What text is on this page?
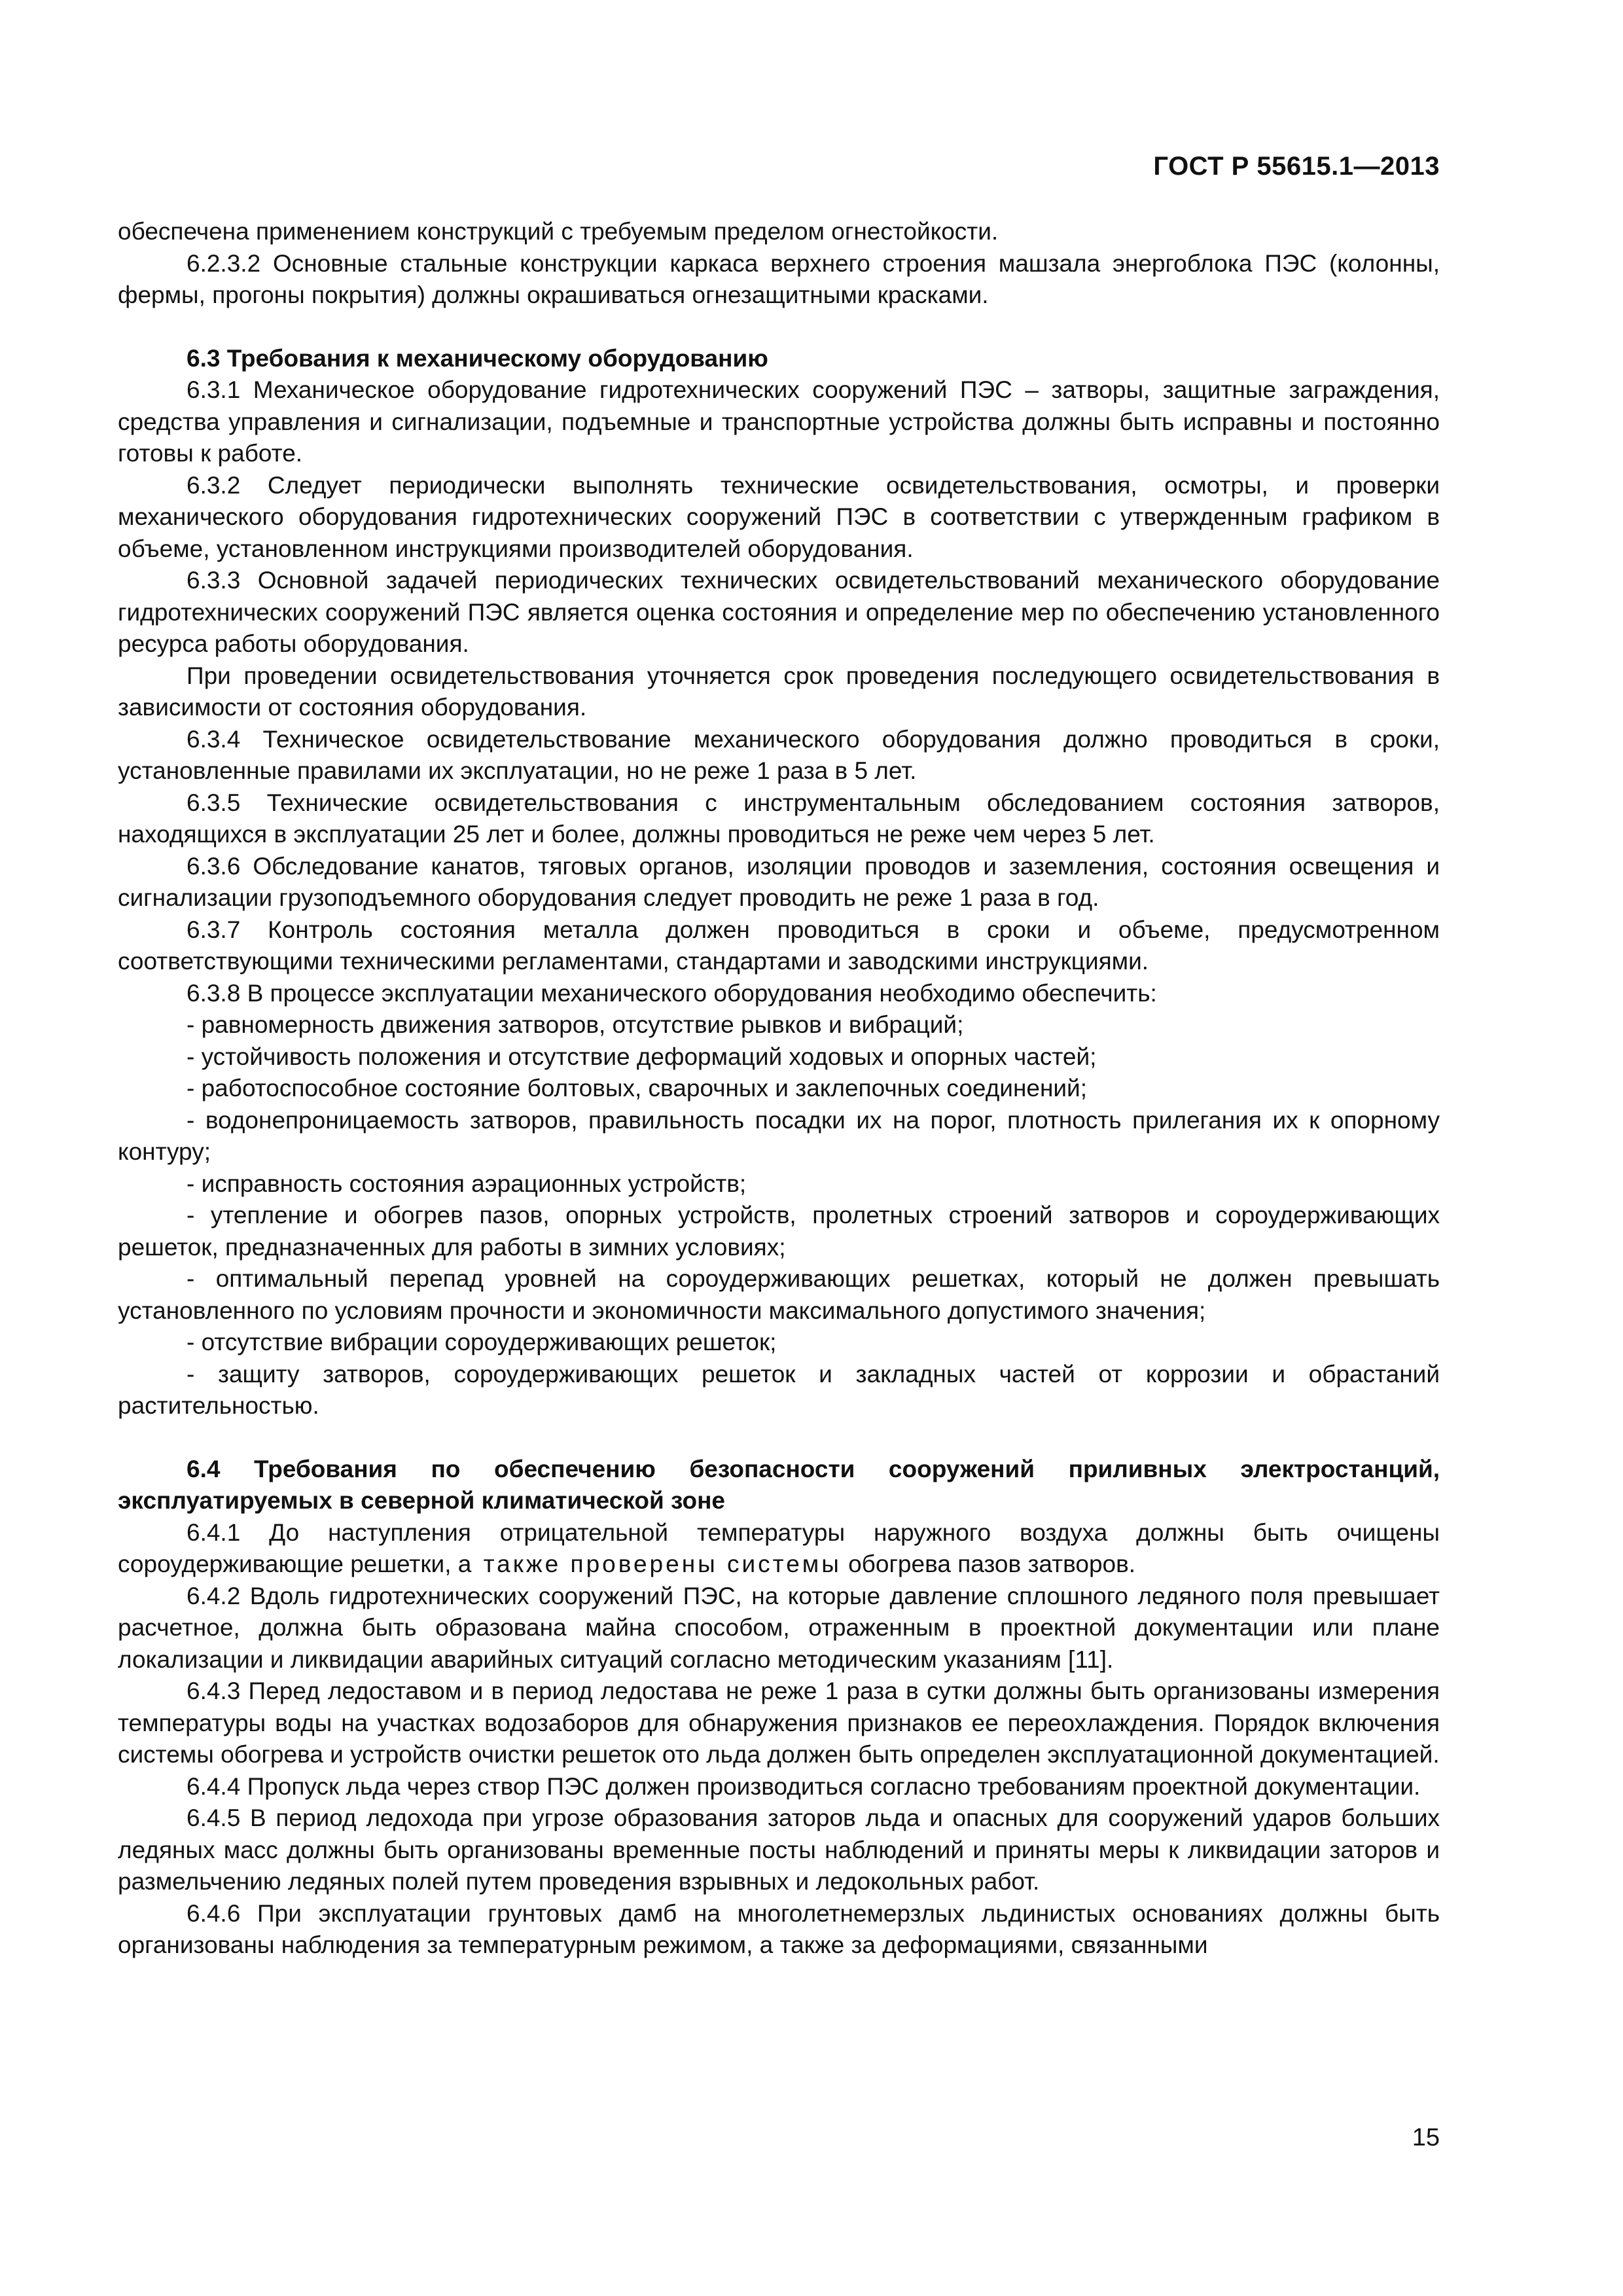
ГОСТ Р 55615.1—2013

обеспечена применением конструкций с требуемым пределом огнестойкости.

6.2.3.2 Основные стальные конструкции каркаса верхнего строения машзала энергоблока ПЭС (колонны, фермы, прогоны покрытия) должны окрашиваться огнезащитными красками.

6.3 Требования к механическому оборудованию

6.3.1 Механическое оборудование гидротехнических сооружений ПЭС – затворы, защитные заграждения, средства управления и сигнализации, подъемные и транспортные устройства должны быть исправны и постоянно готовы к работе.

6.3.2 Следует периодически выполнять технические освидетельствования, осмотры, и проверки механического оборудования гидротехнических сооружений ПЭС в соответствии с утвержденным графиком в объеме, установленном инструкциями производителей оборудования.

6.3.3 Основной задачей периодических технических освидетельствований механического оборудование гидротехнических сооружений ПЭС является оценка состояния и определение мер по обеспечению установленного ресурса работы оборудования.

При проведении освидетельствования уточняется срок проведения последующего освидетельствования в зависимости от состояния оборудования.

6.3.4 Техническое освидетельствование механического оборудования должно проводиться в сроки, установленные правилами их эксплуатации, но не реже 1 раза в 5 лет.

6.3.5 Технические освидетельствования с инструментальным обследованием состояния затворов, находящихся в эксплуатации 25 лет и более, должны проводиться не реже чем через 5 лет.

6.3.6 Обследование канатов, тяговых органов, изоляции проводов и заземления, состояния освещения и сигнализации грузоподъемного оборудования следует проводить не реже 1 раза в год.

6.3.7 Контроль состояния металла должен проводиться в сроки и объеме, предусмотренном соответствующими техническими регламентами, стандартами и заводскими инструкциями.

6.3.8 В процессе эксплуатации механического оборудования необходимо обеспечить:

- равномерность движения затворов, отсутствие рывков и вибраций;

- устойчивость положения и отсутствие деформаций ходовых и опорных частей;

- работоспособное состояние болтовых, сварочных и заклепочных соединений;

- водонепроницаемость затворов, правильность посадки их на порог, плотность прилегания их к опорному контуру;

- исправность состояния аэрационных устройств;

- утепление и обогрев пазов, опорных устройств, пролетных строений затворов и сороудерживающих решеток, предназначенных для работы в зимних условиях;

- оптимальный перепад уровней на сороудерживающих решетках, который не должен превышать установленного по условиям прочности и экономичности максимального допустимого значения;

- отсутствие вибрации сороудерживающих решеток;

- защиту затворов, сороудерживающих решеток и закладных частей от коррозии и обрастаний растительностью.

6.4 Требования по обеспечению безопасности сооружений приливных электростанций, эксплуатируемых в северной климатической зоне

6.4.1 До наступления отрицательной температуры наружного воздуха должны быть очищены сороудерживающие решетки, а также проверены системы обогрева пазов затворов.

6.4.2 Вдоль гидротехнических сооружений ПЭС, на которые давление сплошного ледяного поля превышает расчетное, должна быть образована майна способом, отраженным в проектной документации или плане локализации и ликвидации аварийных ситуаций согласно методическим указаниям [11].

6.4.3 Перед ледоставом и в период ледостава не реже 1 раза в сутки должны быть организованы измерения температуры воды на участках водозаборов для обнаружения признаков ее переохлаждения. Порядок включения системы обогрева и устройств очистки решеток ото льда должен быть определен эксплуатационной документацией.

6.4.4 Пропуск льда через створ ПЭС должен производиться согласно требованиям проектной документации.

6.4.5 В период ледохода при угрозе образования заторов льда и опасных для сооружений ударов больших ледяных масс должны быть организованы временные посты наблюдений и приняты меры к ликвидации заторов и размельчению ледяных полей путем проведения взрывных и ледокольных работ.

6.4.6 При эксплуатации грунтовых дамб на многолетнемерзлых льдинистых основаниях должны быть организованы наблюдения за температурным режимом, а также за деформациями, связанными

15
